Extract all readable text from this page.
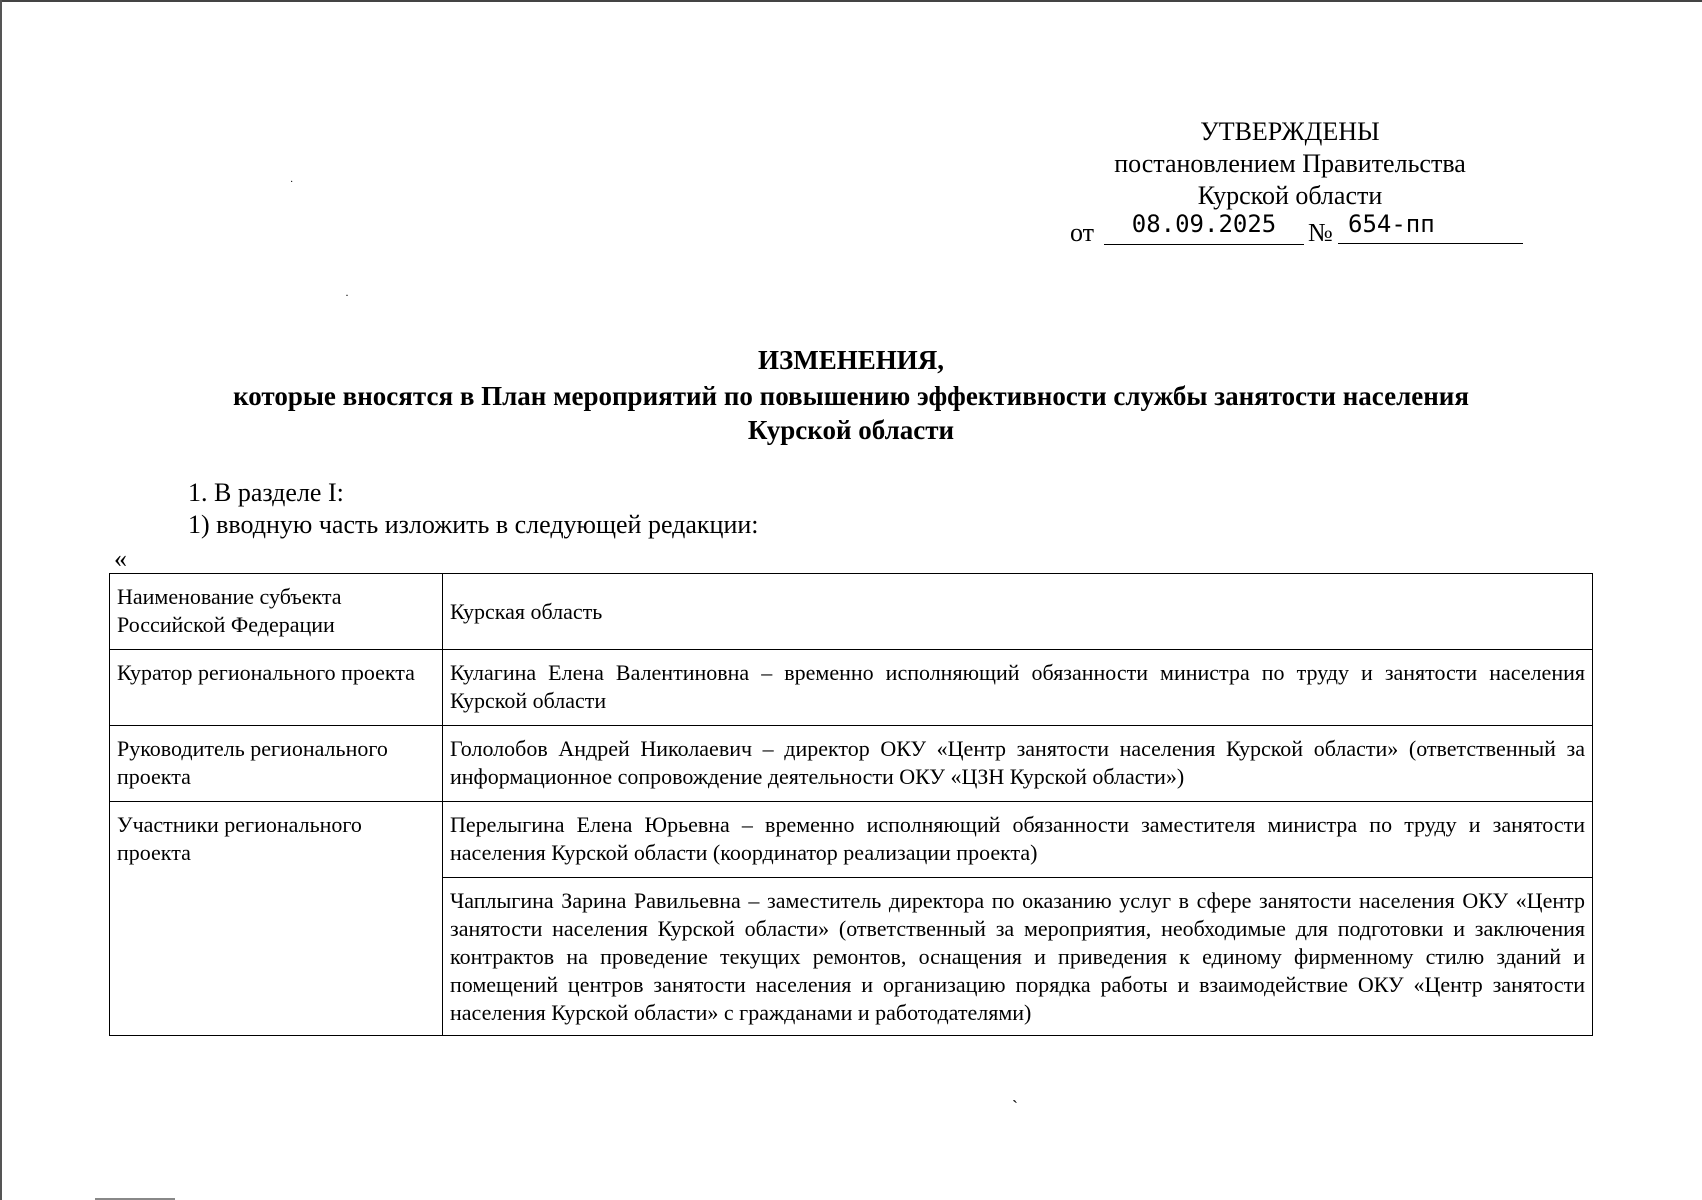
УТВЕРЖДЕНЫ
постановлением Правительства
Курской области
от	08.09.2025	№ 654-пп
ИЗМЕНЕНИЯ,
которые вносятся в План мероприятий по повышению эффективности службы занятости населения
Курской области
1. В разделе I:
1) вводную часть изложить в следующей редакции:
«
Наименование субъекта Российской Федерации	Курская область
Куратор регионального проекта	Кулагина Елена Валентиновна – временно исполняющий обязанности министра по труду и занятости населения Курской области
Руководитель регионального проекта	Гололобов Андрей Николаевич – директор ОКУ «Центр занятости населения Курской области» (ответственный за информационное сопровождение деятельности ОКУ «ЦЗН Курской области»)
Участники регионального проекта	Перелыгина Елена Юрьевна – временно исполняющий обязанности заместителя министра по труду и занятости населения Курской области (координатор реализации проекта)
	Чаплыгина Зарина Равильевна – заместитель директора по оказанию услуг в сфере занятости населения ОКУ «Центр занятости населения Курской области» (ответственный за мероприятия, необходимые для подготовки и заключения контрактов на проведение текущих ремонтов, оснащения и приведения к единому фирменному стилю зданий и помещений центров занятости населения и организацию порядка работы и взаимодействие ОКУ «Центр занятости населения Курской области» с гражданами и работодателями)
ˏ
·
·
